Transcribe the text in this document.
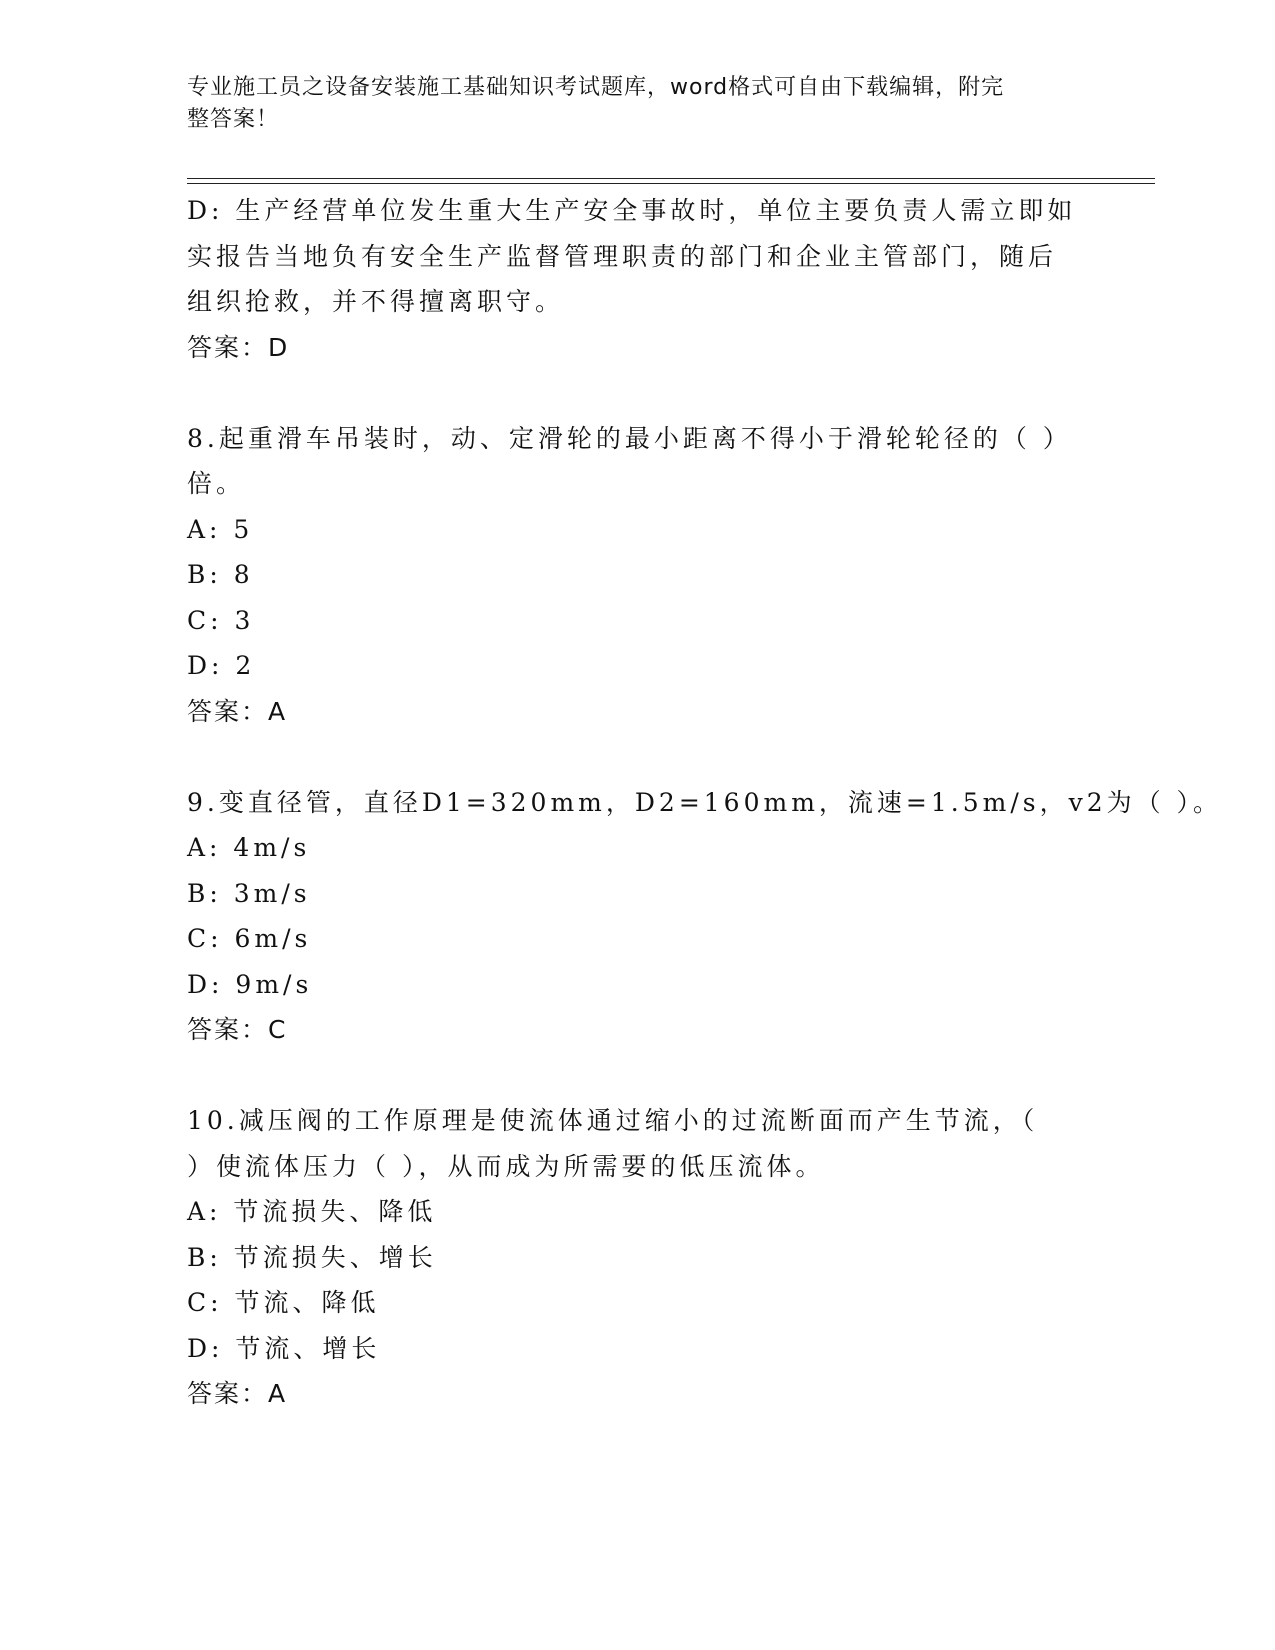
专业施工员之设备安装施工基础知识考试题库，word格式可自由下载编辑，附完
整答案！
D: 生产经营单位发生重大生产安全事故时，单位主要负责人需立即如
实报告当地负有安全生产监督管理职责的部门和企业主管部门，随后
组织抢救，并不得擅离职守。
答案：D
8.起重滑车吊装时，动、定滑轮的最小距离不得小于滑轮轮径的（ ）
倍。
A: 5
B: 8
C: 3
D: 2
答案：A
9.变直径管，直径D1=320mm，D2=160mm，流速=1.5m/s，v2为（ ）。
A: 4m/s
B: 3m/s
C: 6m/s
D: 9m/s
答案：C
10.减压阀的工作原理是使流体通过缩小的过流断面而产生节流，（
）使流体压力（ ），从而成为所需要的低压流体。
A: 节流损失、降低
B: 节流损失、增长
C: 节流、降低
D: 节流、增长
答案：A
